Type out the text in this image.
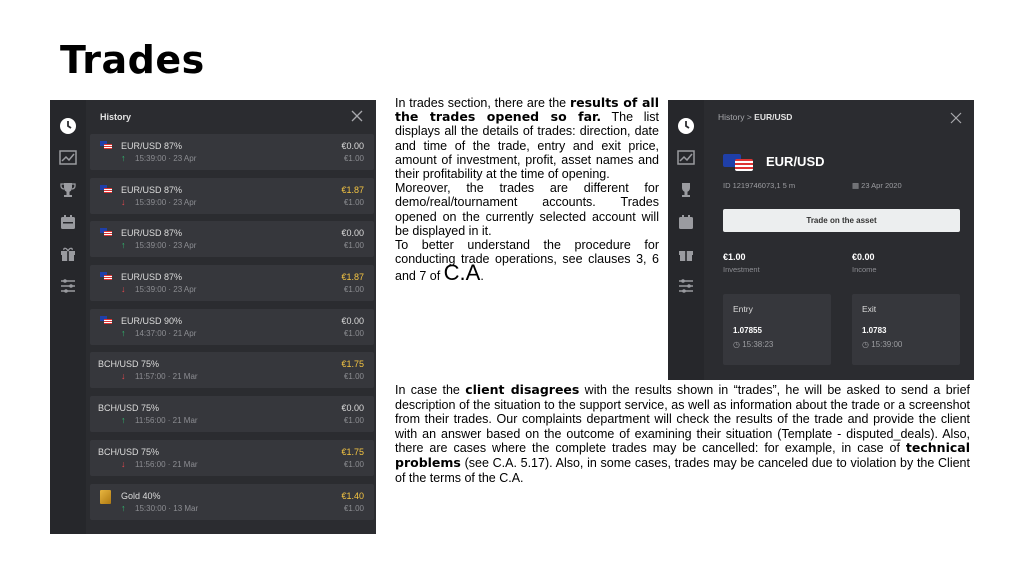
Trades
History
EUR/USD 87%
↑ 15:39:00 · 23 Apr
€0.00
€1.00
EUR/USD 87%
↓ 15:39:00 · 23 Apr
€1.87
€1.00
EUR/USD 87%
↑ 15:39:00 · 23 Apr
€0.00
€1.00
EUR/USD 87%
↓ 15:39:00 · 23 Apr
€1.87
€1.00
EUR/USD 90%
↑ 14:37:00 · 21 Apr
€0.00
€1.00
BCH/USD 75%
↓ 11:57:00 · 21 Mar
€1.75
€1.00
BCH/USD 75%
↑ 11:56:00 · 21 Mar
€0.00
€1.00
BCH/USD 75%
↓ 11:56:00 · 21 Mar
€1.75
€1.00
Gold 40%
↑ 15:30:00 · 13 Mar
€1.40
€1.00
In trades section, there are the results of all the trades opened so far. The list displays all the details of trades: direction, date and time of the trade, entry and exit price, amount of investment, profit, asset names and their profitability at the time of opening.
Moreover, the trades are different for demo/real/tournament accounts. Trades opened on the currently selected account will be displayed in it.
To better understand the procedure for conducting trade operations, see clauses 3, 6 and 7 of C.A.
History > EUR/USD
EUR/USD
ID 1219746073,1 5 m	▦ 23 Apr 2020
Trade on the asset
€1.00
Investment
€0.00
Income
Entry
1.07855
◷ 15:38:23
Exit
1.0783
◷ 15:39:00
In case the client disagrees with the results shown in “trades”, he will be asked to send a brief description of the situation to the support service, as well as information about the trade or a screenshot from their trades. Our complaints department will check the results of the trade and provide the client with an answer based on the outcome of examining their situation (Template - disputed_deals). Also, there are cases where the complete trades may be cancelled: for example, in case of technical problems (see C.A. 5.17). Also, in some cases, trades may be canceled due to violation by the Client of the terms of the C.A.
